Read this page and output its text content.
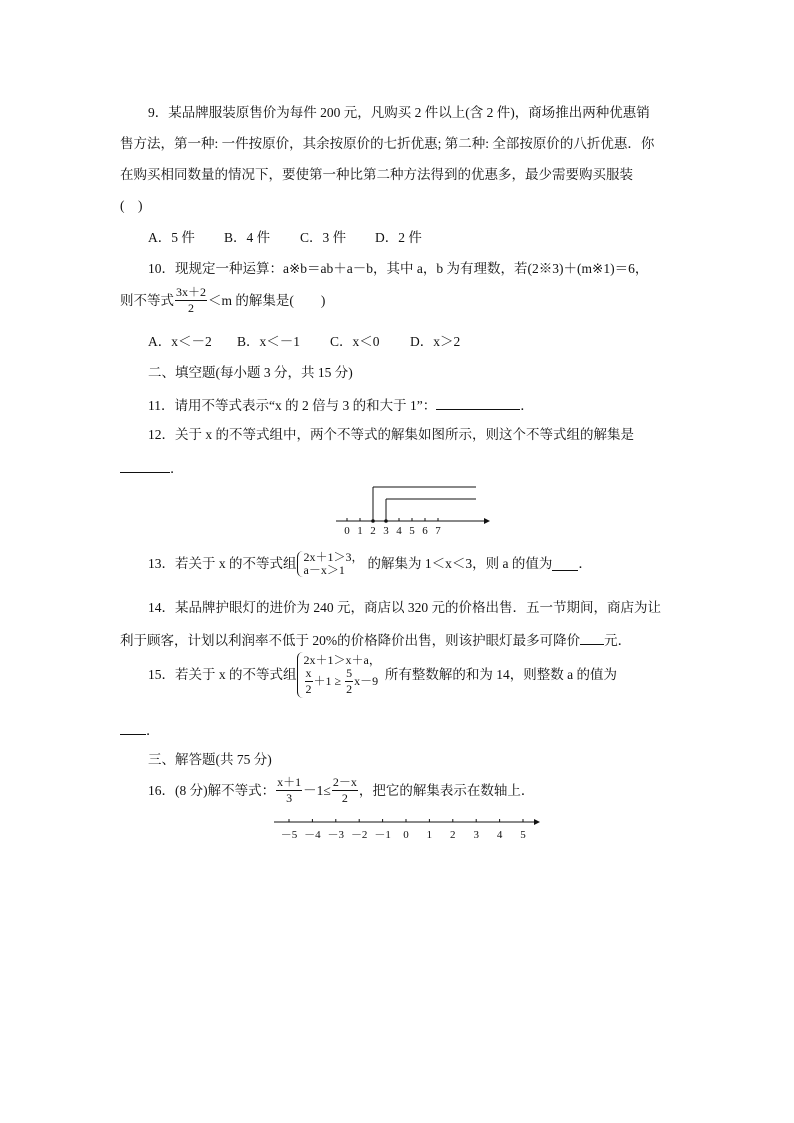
9．某品牌服装原售价为每件 200 元，凡购买 2 件以上(含 2 件)，商场推出两种优惠销
售方法，第一种: 一件按原价，其余按原价的七折优惠; 第二种: 全部按原价的八折优惠．你
在购买相同数量的情况下，要使第一种比第二种方法得到的优惠多，最少需要购买服装
(　)
A．5 件 B．4 件 C．3 件 D．2 件
10．现规定一种运算：a※b＝ab＋a－b，其中 a，b 为有理数，若(2※3)＋(m※1)＝6，
则不等式 $\frac{3x+2}{2} <m$ 的解集是(　　)
A．x＜－2 B．x＜－1 C．x＜0 D．x＞2
二、填空题(每小题 3 分，共 15 分)
11．请用不等式表示“x 的 2 倍与 3 的和大于 1”：	．
12．关于 x 的不等式组中，两个不等式的解集如图所示，则这个不等式组的解集是
．
0 1 2 3 4 5 6 7
13．若关于 x 的不等式组 2x＋1＞3，
a－x＞1	的解集为 1＜x＜3，则 a 的值为 ．
14．某品牌护眼灯的进价为 240 元，商店以 320 元的价格出售．五一节期间，商店为让
利于顾客，计划以利润率不低于 20%的价格降价出售，则该护眼灯最多可降价 元．
15．若关于 x 的不等式组
2x＋1＞x＋a，
$\frac{x}{2} +1 \ge \frac{5}{2} x-9$ 所有整数解的和为 14，则整数 a 的值为
．
三、解答题(共 75 分)
16．(8 分)解不等式： $\frac{x+1}{3} -1\le \frac{2-x}{2}$ ，把它的解集表示在数轴上．
－5 －4 －3 －2 －1 0 1 2 3 4 5
